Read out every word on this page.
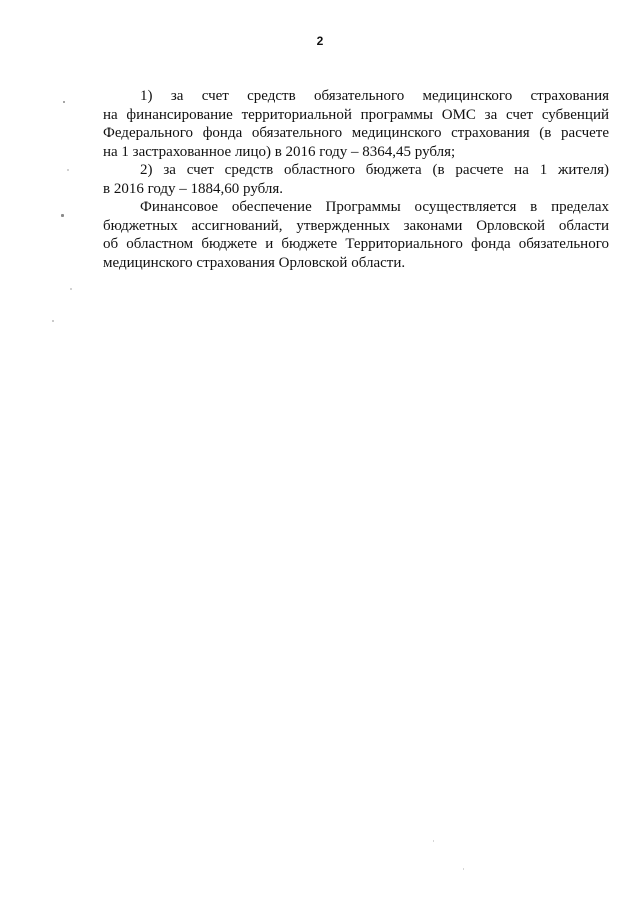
2
1) за счет средств обязательного медицинского страхования
на финансирование территориальной программы ОМС за счет субвенций
Федерального фонда обязательного медицинского страхования (в расчете
на 1 застрахованное лицо) в 2016 году – 8364,45 рубля;
2) за счет средств областного бюджета (в расчете на 1 жителя)
в 2016 году – 1884,60 рубля.
Финансовое обеспечение Программы осуществляется в пределах
бюджетных ассигнований, утвержденных законами Орловской области
об областном бюджете и бюджете Территориального фонда обязательного
медицинского страхования Орловской области.
